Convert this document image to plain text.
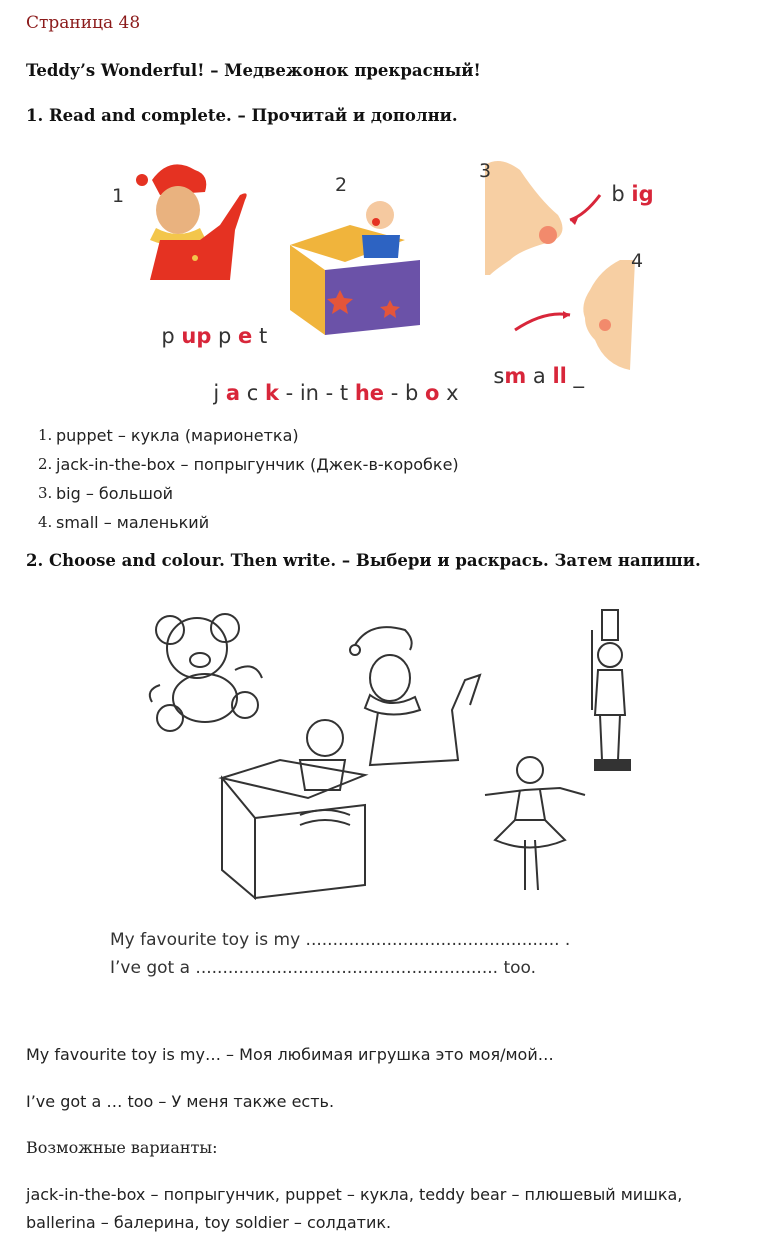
Страница 48
Teddy’s Wonderful! – Медвежонок прекрасный!
1. Read and complete. – Прочитай и дополни.
1	2
3
4

p up p e t

j a c k - in - t he - b o x

b ig

sm a ll _

1. puppet – кукла (марионетка)
2. jack-in-the-box – попрыгунчик (Джек-в-коробке)
3. big – большой
4. small – маленький
2. Choose and colour. Then write. – Выбери и раскрась. Затем напиши.
My favourite toy is my ............................................... .
I’ve got a ........................................................ too.
My favourite toy is my… – Моя любимая игрушка это моя/мой…
I’ve got a … too – У меня также есть.
Возможные варианты:
jack-in-the-box – попрыгунчик, puppet – кукла, teddy bear – плюшевый мишка,
ballerina – балерина, toy soldier – солдатик.
